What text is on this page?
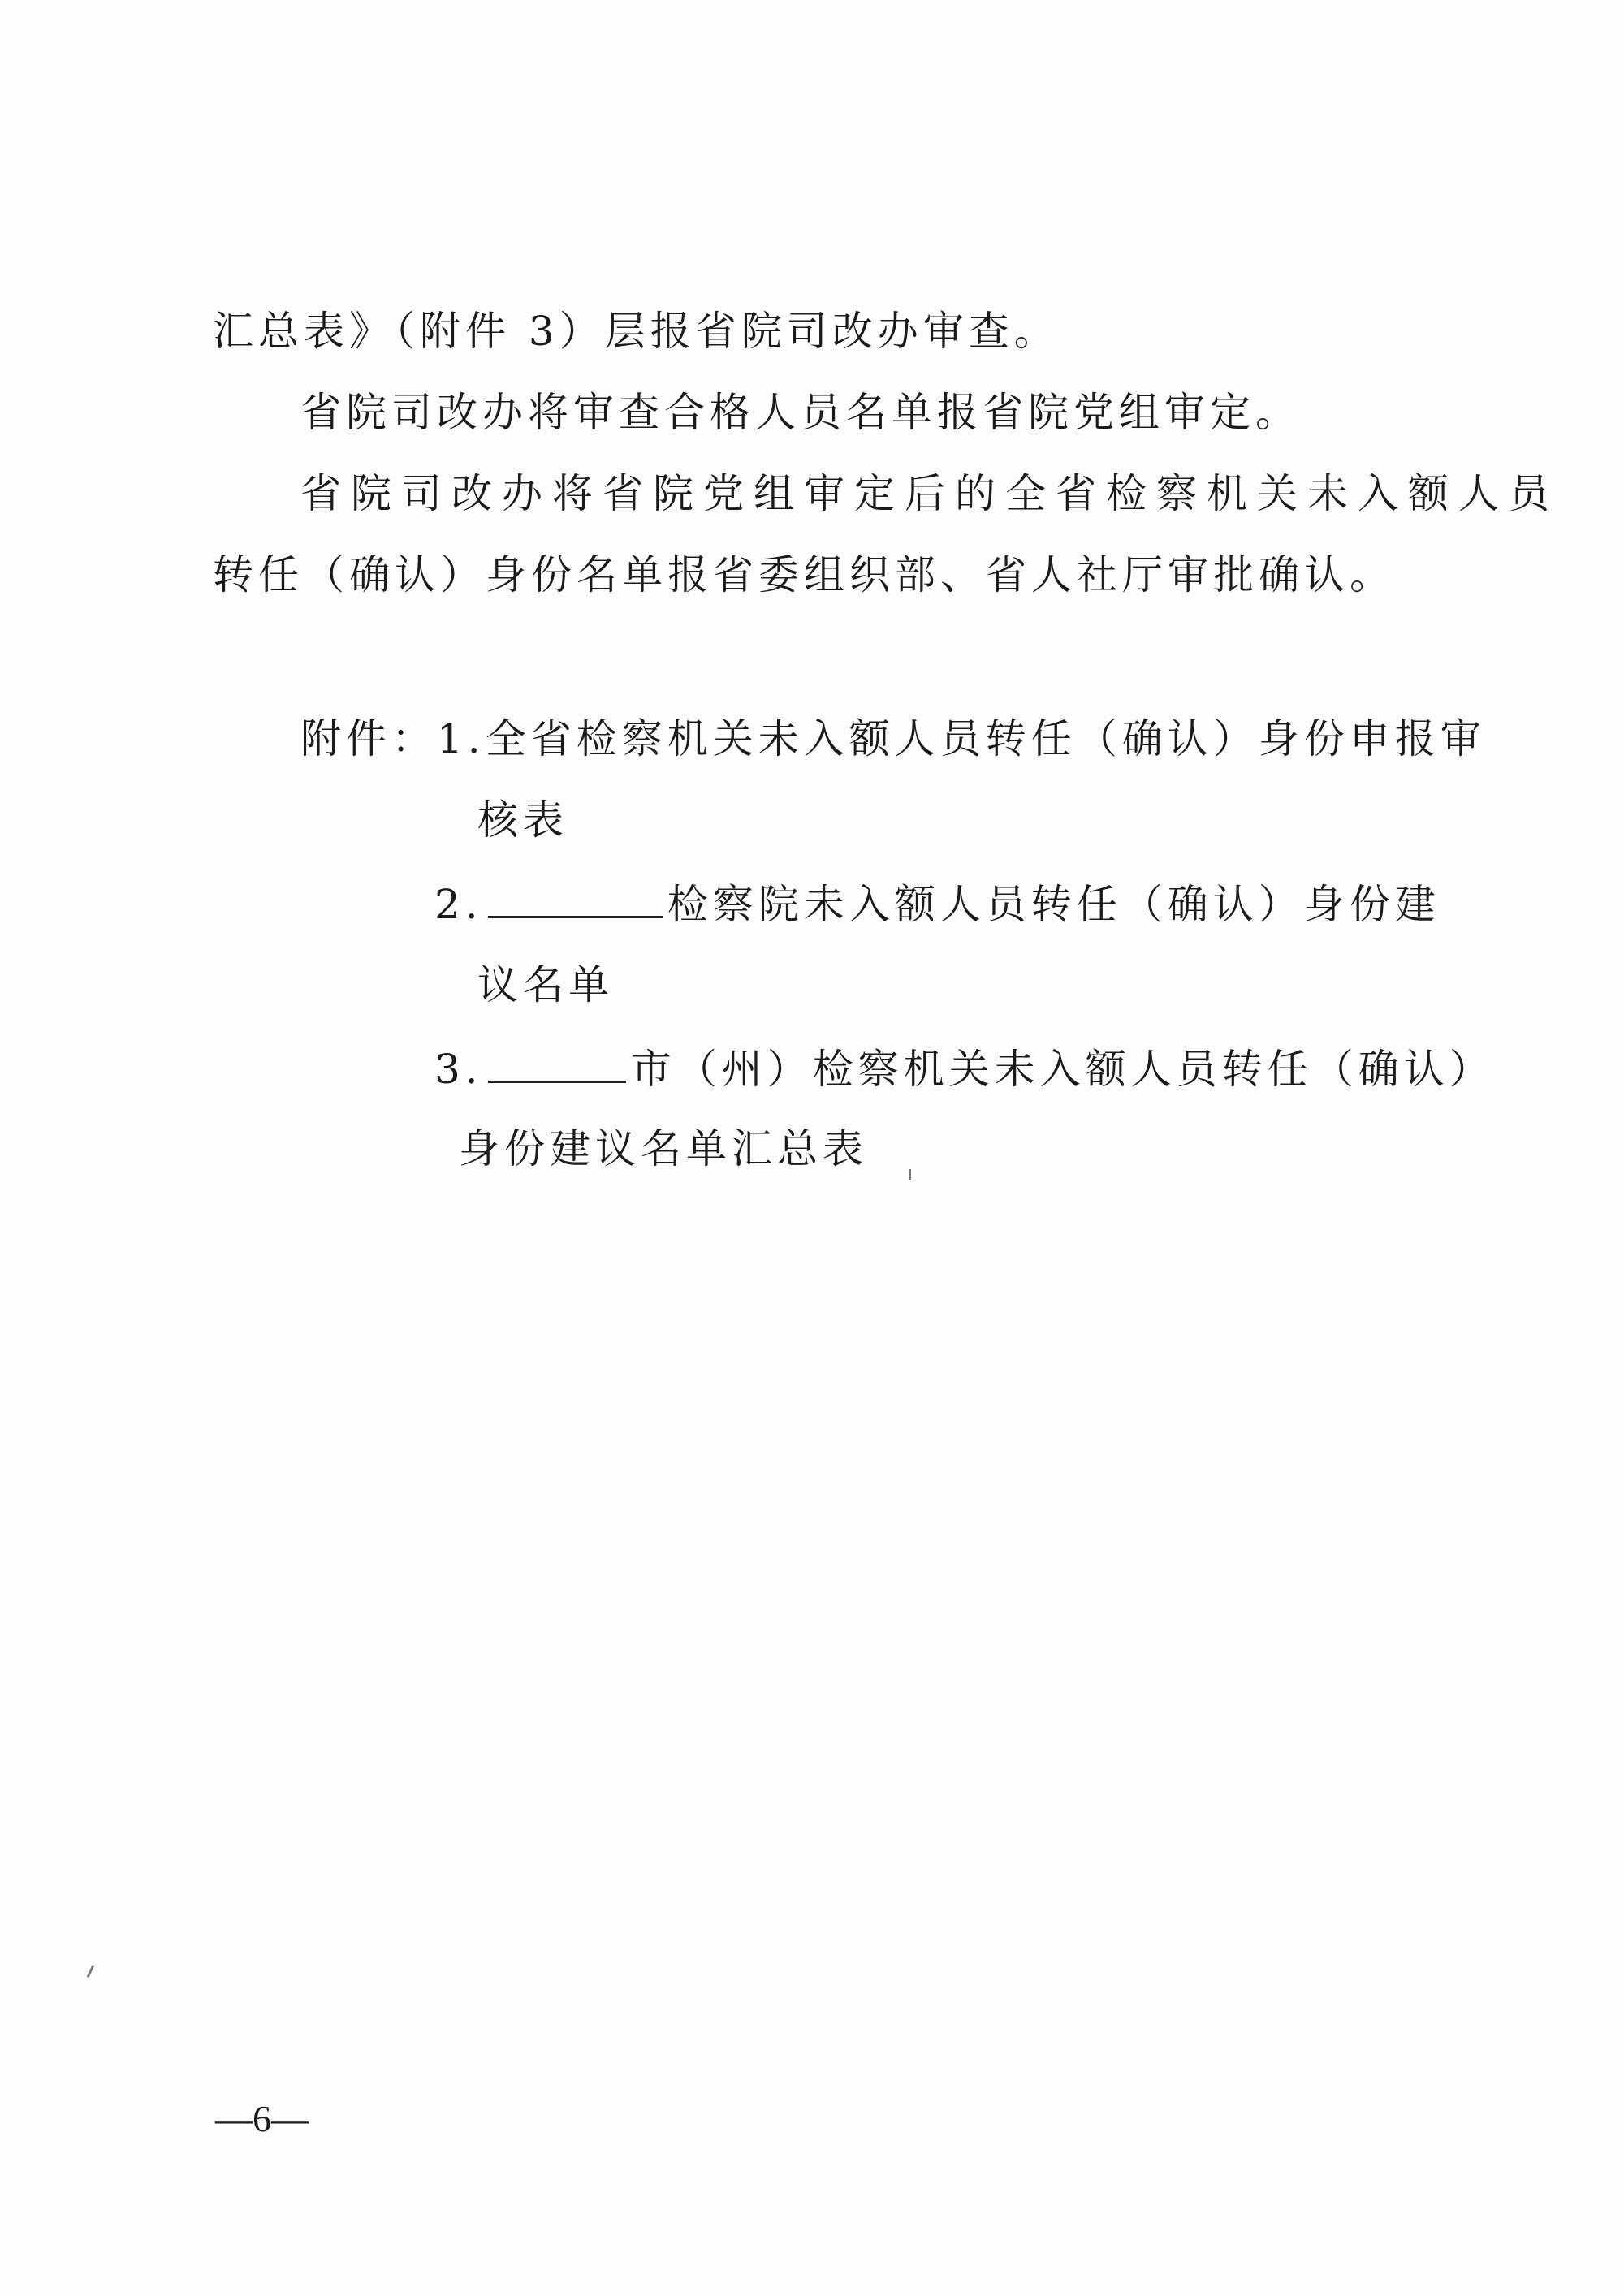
汇总表》（附件 3）层报省院司改办审查。
省院司改办将审查合格人员名单报省院党组审定。
省院司改办将省院党组审定后的全省检察机关未入额人员
转任（确认）身份名单报省委组织部、省人社厅审批确认。
附件：1.全省检察机关未入额人员转任（确认）身份申报审
核表
2.	检察院未入额人员转任（确认）身份建
议名单
3.	市（州）检察机关未入额人员转任（确认）
身份建议名单汇总表
—6—
